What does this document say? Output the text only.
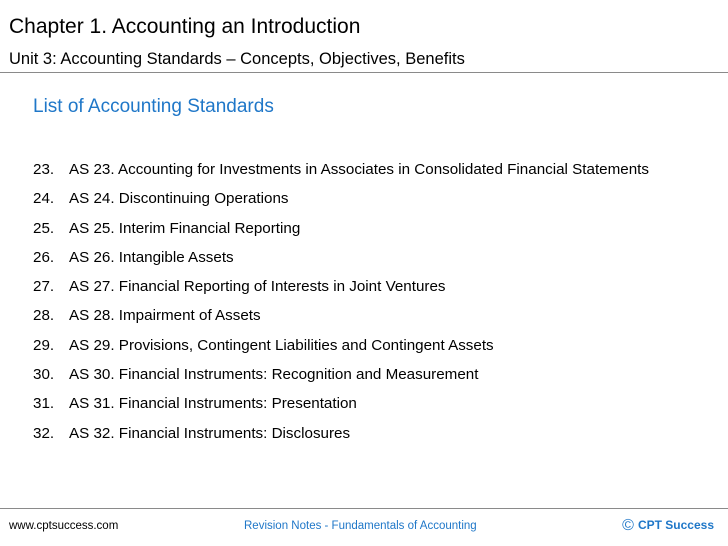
Chapter 1. Accounting an Introduction
Unit 3: Accounting Standards – Concepts, Objectives, Benefits
List of Accounting Standards
23. AS 23. Accounting for Investments in Associates in Consolidated Financial Statements
24. AS 24. Discontinuing Operations
25. AS 25. Interim Financial Reporting
26. AS 26. Intangible Assets
27. AS 27. Financial Reporting of Interests in Joint Ventures
28. AS 28. Impairment of Assets
29. AS 29. Provisions, Contingent Liabilities and Contingent Assets
30. AS 30. Financial Instruments: Recognition and Measurement
31. AS 31. Financial Instruments: Presentation
32. AS 32. Financial Instruments: Disclosures
www.cptsuccess.com	Revision Notes - Fundamentals of Accounting	© CPT Success
